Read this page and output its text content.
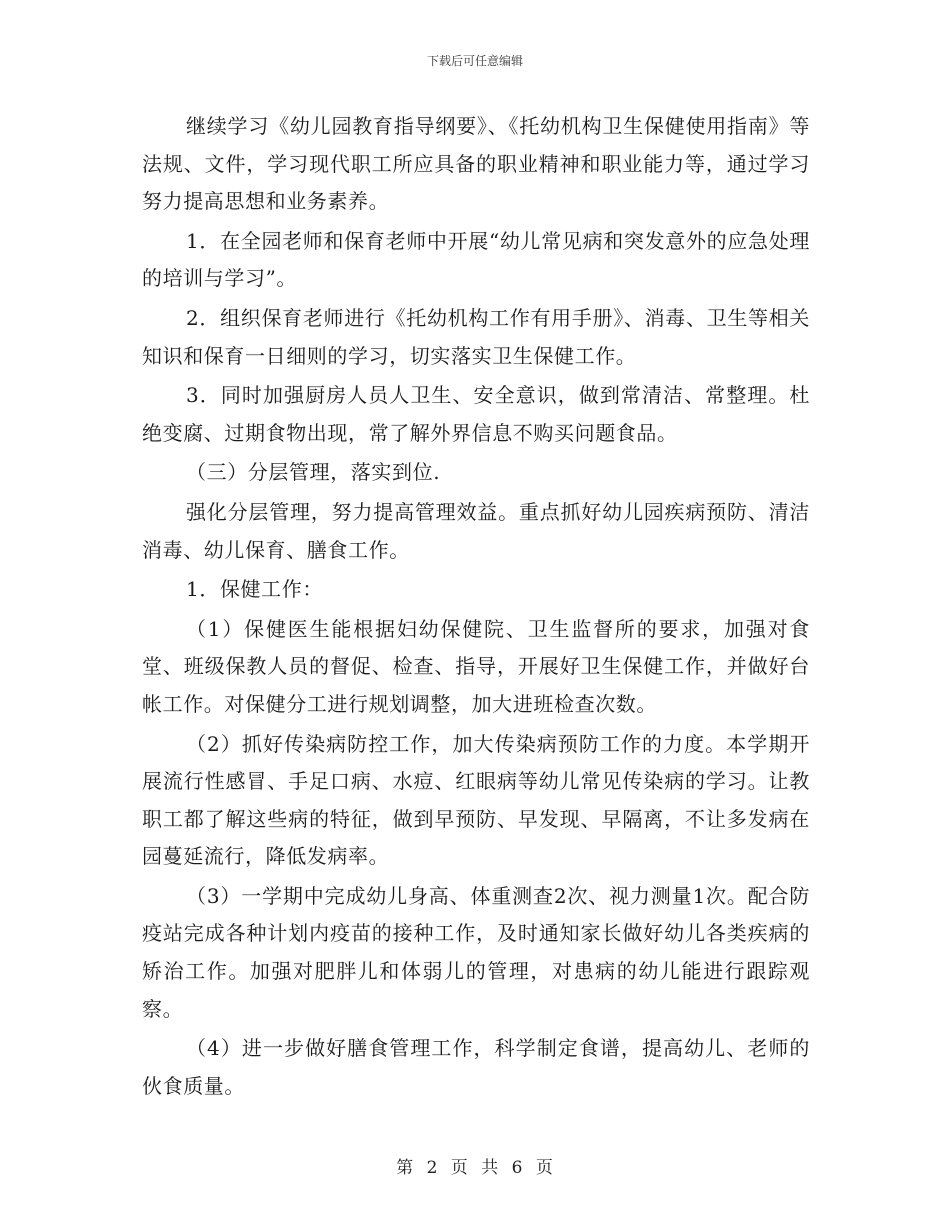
下载后可任意编辑

继续学习《幼儿园教育指导纲要》、《托幼机构卫生保健使用指南》等法规、文件，学习现代职工所应具备的职业精神和职业能力等，通过学习努力提高思想和业务素养。

1．在全园老师和保育老师中开展“幼儿常见病和突发意外的应急处理的培训与学习”。

2．组织保育老师进行《托幼机构工作有用手册》、消毒、卫生等相关知识和保育一日细则的学习，切实落实卫生保健工作。

3．同时加强厨房人员人卫生、安全意识，做到常清洁、常整理。杜绝变腐、过期食物出现，常了解外界信息不购买问题食品。

（三）分层管理，落实到位.

强化分层管理，努力提高管理效益。重点抓好幼儿园疾病预防、清洁消毒、幼儿保育、膳食工作。

1．保健工作：

（1）保健医生能根据妇幼保健院、卫生监督所的要求，加强对食堂、班级保教人员的督促、检查、指导，开展好卫生保健工作，并做好台帐工作。对保健分工进行规划调整，加大进班检查次数。

（2）抓好传染病防控工作，加大传染病预防工作的力度。本学期开展流行性感冒、手足口病、水痘、红眼病等幼儿常见传染病的学习。让教职工都了解这些病的特征，做到早预防、早发现、早隔离，不让多发病在园蔓延流行，降低发病率。

（3）一学期中完成幼儿身高、体重测查2次、视力测量1次。配合防疫站完成各种计划内疫苗的接种工作，及时通知家长做好幼儿各类疾病的矫治工作。加强对肥胖儿和体弱儿的管理，对患病的幼儿能进行跟踪观察。

（4）进一步做好膳食管理工作，科学制定食谱，提高幼儿、老师的伙食质量。

第 2 页 共 6 页
